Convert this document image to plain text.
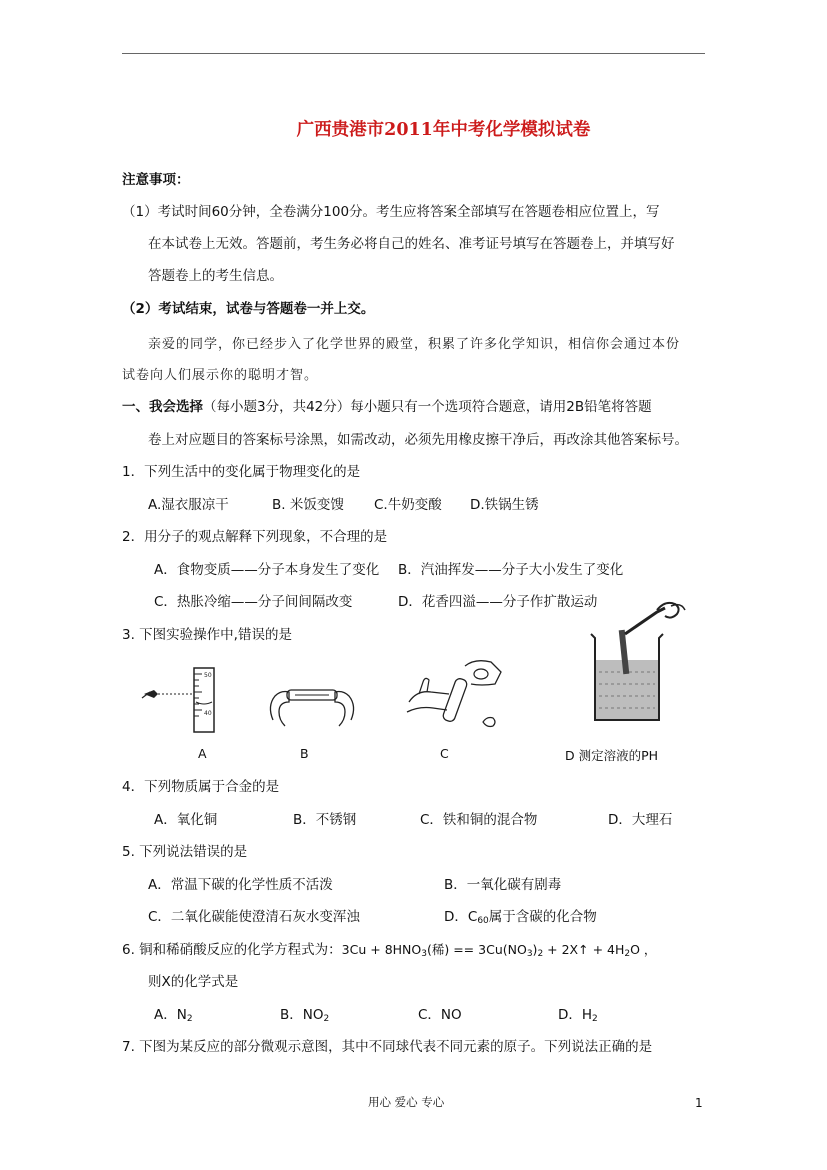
广西贵港市2011年中考化学模拟试卷
注意事项：
（1）考试时间60分钟，全卷满分100分。考生应将答案全部填写在答题卷相应位置上，写
在本试卷上无效。答题前，考生务必将自己的姓名、准考证号填写在答题卷上，并填写好
答题卷上的考生信息。
（2）考试结束，试卷与答题卷一并上交。
亲爱的同学，你已经步入了化学世界的殿堂，积累了许多化学知识，相信你会通过本份
试卷向人们展示你的聪明才智。
一、我会选择（每小题3分，共42分）每小题只有一个选项符合题意，请用2B铅笔将答题
卷上对应题目的答案标号涂黑，如需改动，必须先用橡皮擦干净后，再改涂其他答案标号。
1．下列生活中的变化属于物理变化的是
A.湿衣服凉干	B. 米饭变馊 C.牛奶变酸 D.铁锅生锈
2．用分子的观点解释下列现象，不合理的是
A．食物变质——分子本身发生了变化 B．汽油挥发——分子大小发生了变化
C．热胀冷缩——分子间间隔改变	D．花香四溢——分子作扩散运动
3. 下图实验操作中,错误的是
50
40
A	B	C	D 测定溶液的PH
4．下列物质属于合金的是
A．氧化铜	B．不锈钢	C．铁和铜的混合物	D．大理石
5. 下列说法错误的是
A．常温下碳的化学性质不活泼	B．一氧化碳有剧毒
C．二氧化碳能使澄清石灰水变浑浊	D．$C_{60}$属于含碳的化合物
6. 铜和稀硝酸反应的化学方程式为：$3Cu + 8HNO_3$(稀) == $3Cu(NO_3)_2$ + 2X↑ + $4H_2O$ ，
则X的化学式是
A．$N_2$	B．$NO_2$	C．NO	D．$H_2$
7. 下图为某反应的部分微观示意图，其中不同球代表不同元素的原子。下列说法正确的是
用心 爱心 专心	1
